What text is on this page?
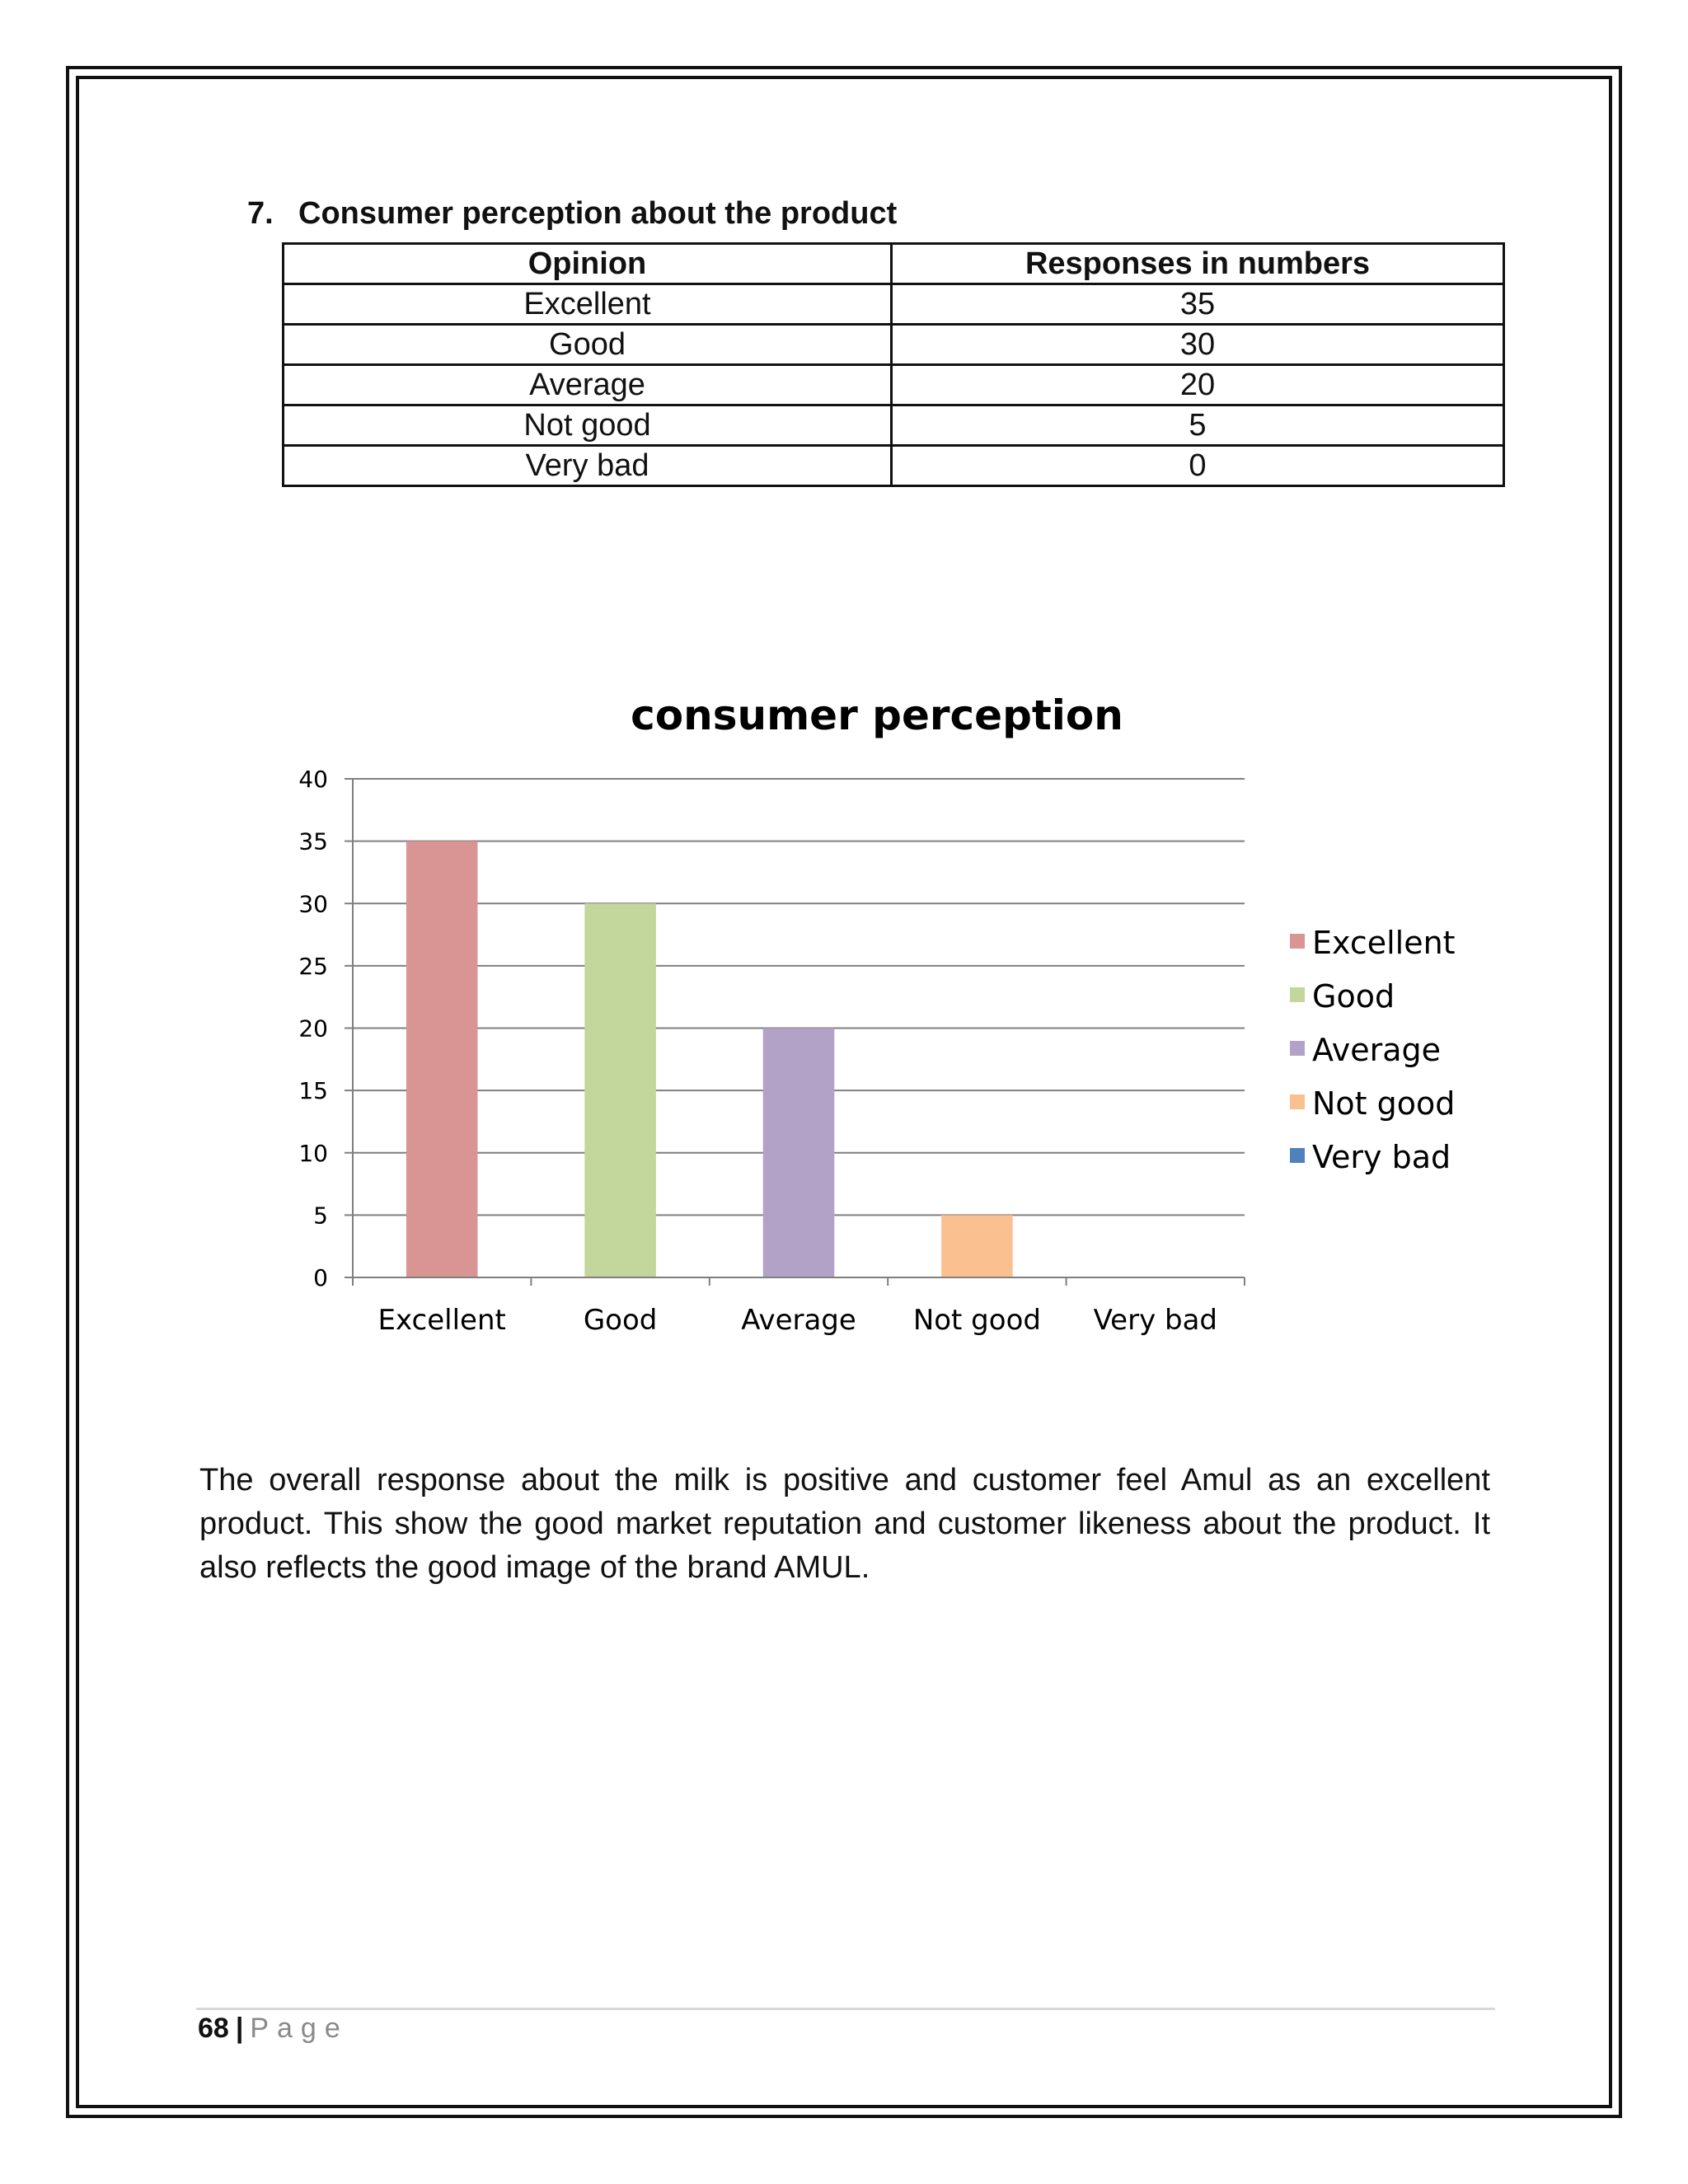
7. Consumer perception about the product
Opinion	Responses in numbers
Excellent	35
Good	30
Average	20
Not good	5
Very bad	0
0
5
10
15
20
25
30
35
40
Excellent	Good	Average Not good Very bad
Excellent
Good
Average
Not good
Very bad
consumer perception
The overall response about the milk is positive and customer feel Amul as an excellent product. This show the good market reputation and customer likeness about the product. It also reflects the good image of the brand AMUL.
68 | Page
